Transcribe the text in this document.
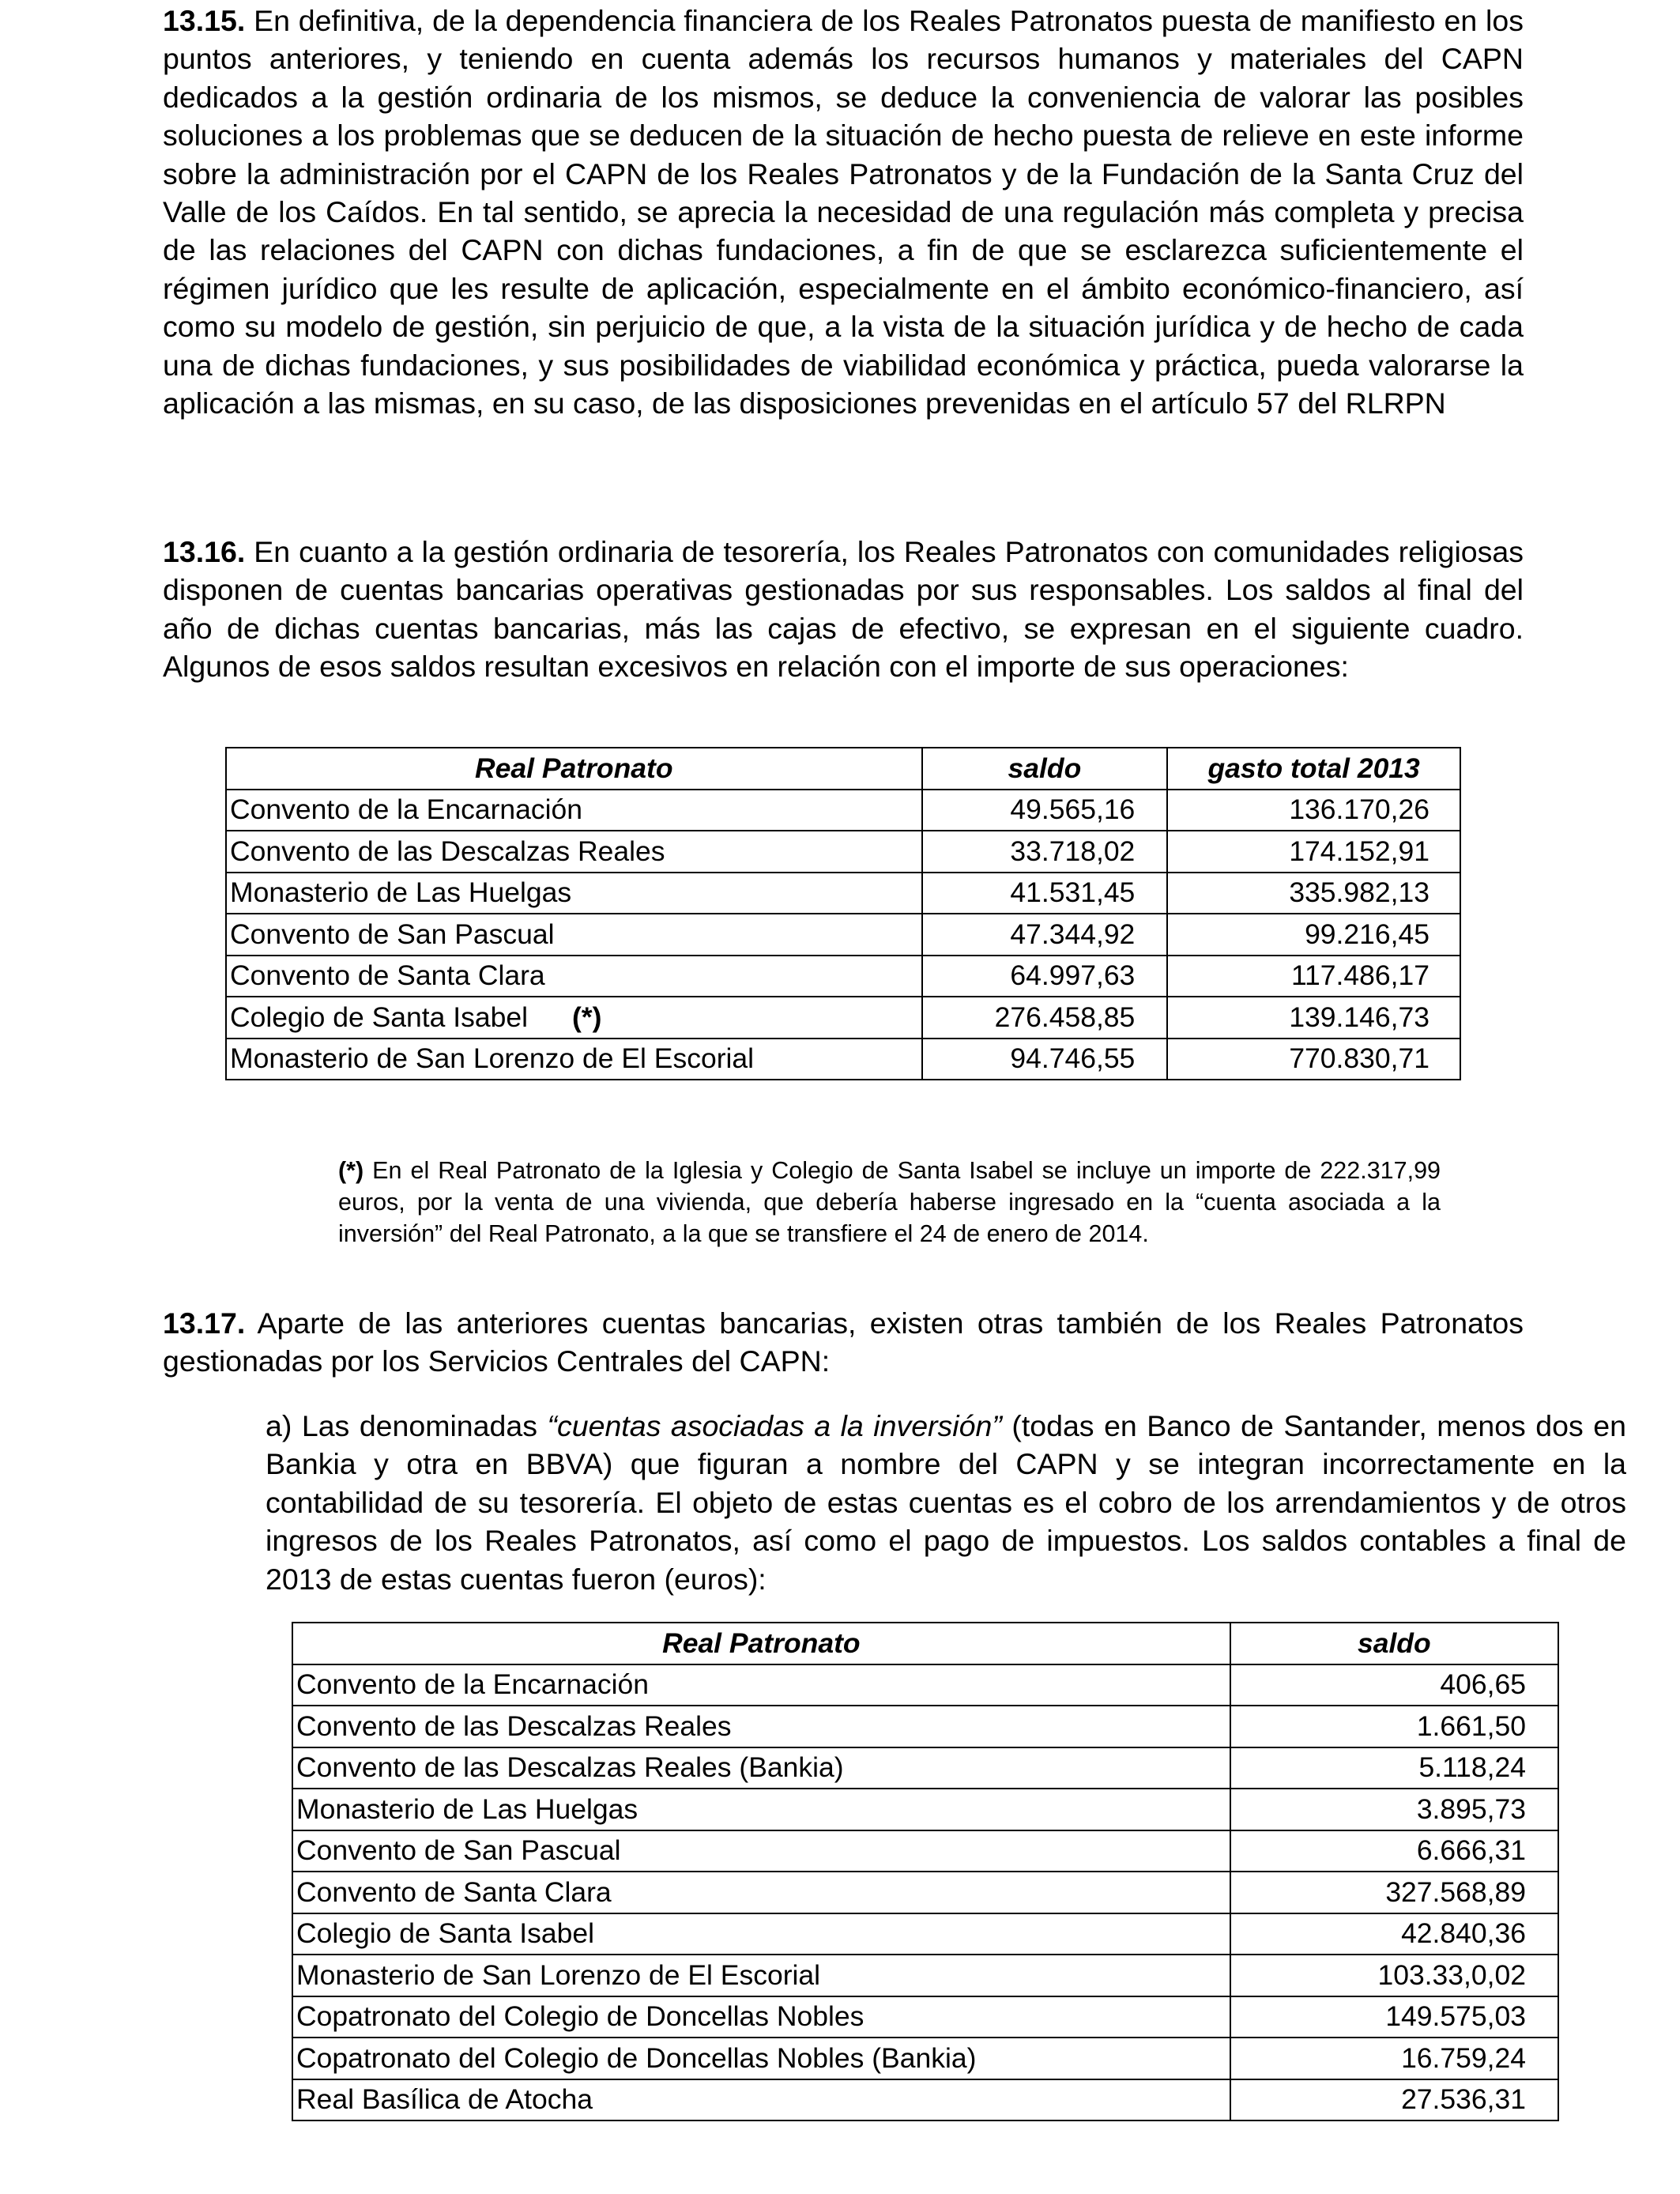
13.15. En definitiva, de la dependencia financiera de los Reales Patronatos puesta de manifiesto en los puntos anteriores, y teniendo en cuenta además los recursos humanos y materiales del CAPN dedicados a la gestión ordinaria de los mismos, se deduce la conveniencia de valorar las posibles soluciones a los problemas que se deducen de la situación de hecho puesta de relieve en este informe sobre la administración por el CAPN de los Reales Patronatos y de la Fundación de la Santa Cruz del Valle de los Caídos. En tal sentido, se aprecia la necesidad de una regulación más completa y precisa de las relaciones del CAPN con dichas fundaciones, a fin de que se esclarezca suficientemente el régimen jurídico que les resulte de aplicación, especialmente en el ámbito económico-financiero, así como su modelo de gestión, sin perjuicio de que, a la vista de la situación jurídica y de hecho de cada una de dichas fundaciones, y sus posibilidades de viabilidad económica y práctica, pueda valorarse la aplicación a las mismas, en su caso, de las disposiciones prevenidas en el artículo 57 del RLRPN

13.16. En cuanto a la gestión ordinaria de tesorería, los Reales Patronatos con comunidades religiosas disponen de cuentas bancarias operativas gestionadas por sus responsables. Los saldos al final del año de dichas cuentas bancarias, más las cajas de efectivo, se expresan en el siguiente cuadro. Algunos de esos saldos resultan excesivos en relación con el importe de sus operaciones:

Real Patronato	saldo	gasto total 2013
Convento de la Encarnación	49.565,16	136.170,26
Convento de las Descalzas Reales	33.718,02	174.152,91
Monasterio de Las Huelgas	41.531,45	335.982,13
Convento de San Pascual	47.344,92	99.216,45
Convento de Santa Clara	64.997,63	117.486,17
Colegio de Santa Isabel (*)	276.458,85	139.146,73
Monasterio de San Lorenzo de El Escorial	94.746,55	770.830,71

(*) En el Real Patronato de la Iglesia y Colegio de Santa Isabel se incluye un importe de 222.317,99 euros, por la venta de una vivienda, que debería haberse ingresado en la “cuenta asociada a la inversión” del Real Patronato, a la que se transfiere el 24 de enero de 2014.

13.17. Aparte de las anteriores cuentas bancarias, existen otras también de los Reales Patronatos gestionadas por los Servicios Centrales del CAPN:

a) Las denominadas “cuentas asociadas a la inversión” (todas en Banco de Santander, menos dos en Bankia y otra en BBVA) que figuran a nombre del CAPN y se integran incorrectamente en la contabilidad de su tesorería. El objeto de estas cuentas es el cobro de los arrendamientos y de otros ingresos de los Reales Patronatos, así como el pago de impuestos. Los saldos contables a final de 2013 de estas cuentas fueron (euros):

Real Patronato	saldo
Convento de la Encarnación	406,65
Convento de las Descalzas Reales	1.661,50
Convento de las Descalzas Reales (Bankia)	5.118,24
Monasterio de Las Huelgas	3.895,73
Convento de San Pascual	6.666,31
Convento de Santa Clara	327.568,89
Colegio de Santa Isabel	42.840,36
Monasterio de San Lorenzo de El Escorial	103.33,0,02
Copatronato del Colegio de Doncellas Nobles	149.575,03
Copatronato del Colegio de Doncellas Nobles (Bankia)	16.759,24
Real Basílica de Atocha	27.536,31
